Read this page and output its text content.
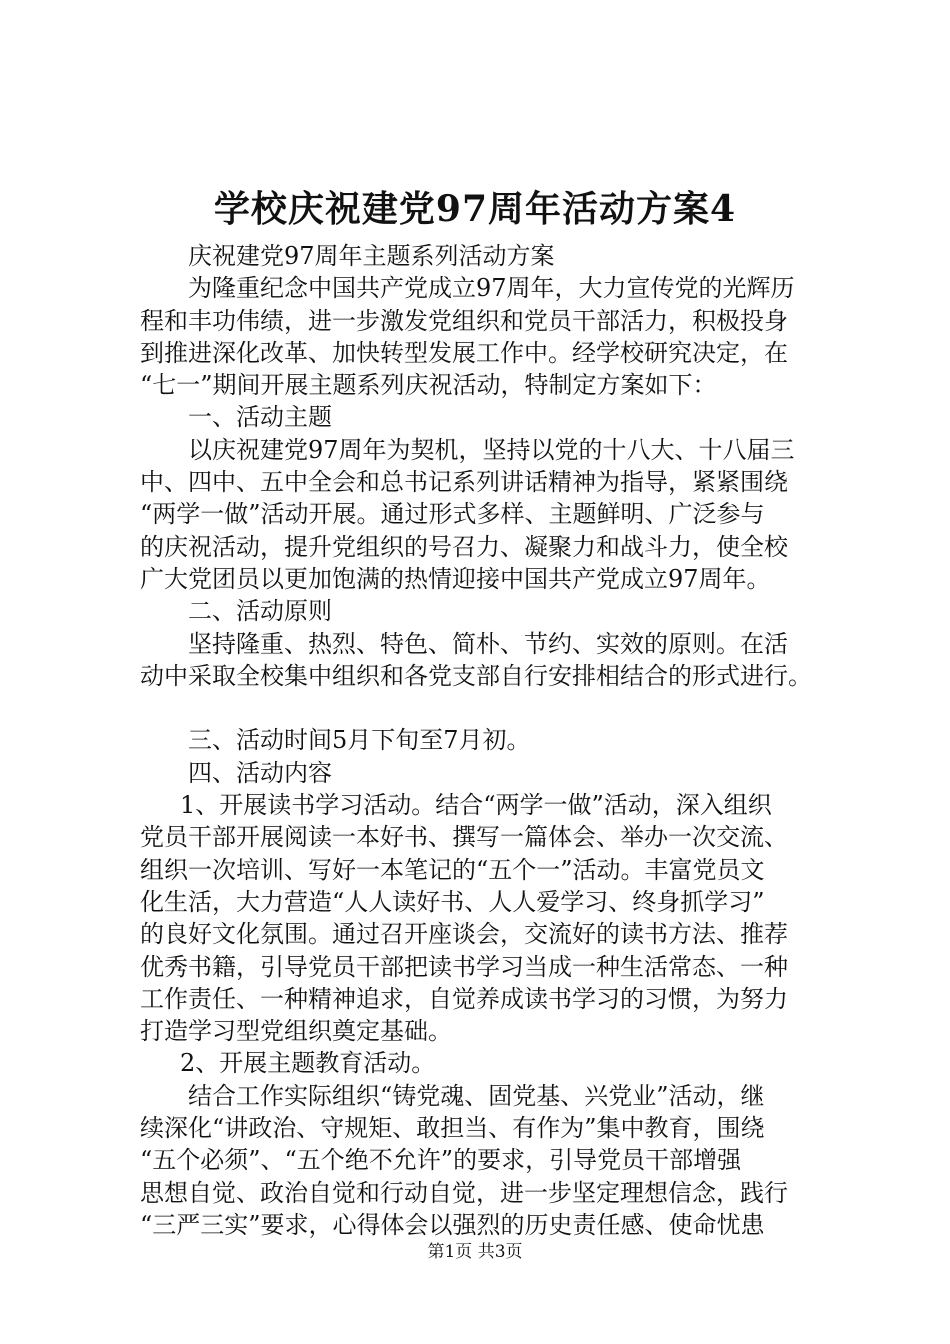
学校庆祝建党97周年活动方案4
庆祝建党97周年主题系列活动方案
为隆重纪念中国共产党成立97周年，大力宣传党的光辉历
程和丰功伟绩，进一步激发党组织和党员干部活力，积极投身
到推进深化改革、加快转型发展工作中。经学校研究决定，在
“七一”期间开展主题系列庆祝活动，特制定方案如下：
一、活动主题
以庆祝建党97周年为契机，坚持以党的十八大、十八届三
中、四中、五中全会和总书记系列讲话精神为指导，紧紧围绕
“两学一做”活动开展。通过形式多样、主题鲜明、广泛参与
的庆祝活动，提升党组织的号召力、凝聚力和战斗力，使全校
广大党团员以更加饱满的热情迎接中国共产党成立97周年。
二、活动原则
坚持隆重、热烈、特色、简朴、节约、实效的原则。在活
动中采取全校集中组织和各党支部自行安排相结合的形式进行。
三、活动时间5月下旬至7月初。
四、活动内容
1、开展读书学习活动。结合“两学一做”活动，深入组织
党员干部开展阅读一本好书、撰写一篇体会、举办一次交流、
组织一次培训、写好一本笔记的“五个一”活动。丰富党员文
化生活，大力营造“人人读好书、人人爱学习、终身抓学习”
的良好文化氛围。通过召开座谈会，交流好的读书方法、推荐
优秀书籍，引导党员干部把读书学习当成一种生活常态、一种
工作责任、一种精神追求，自觉养成读书学习的习惯，为努力
打造学习型党组织奠定基础。
2、开展主题教育活动。
结合工作实际组织“铸党魂、固党基、兴党业”活动，继
续深化“讲政治、守规矩、敢担当、有作为”集中教育，围绕
“五个必须”、“五个绝不允许”的要求，引导党员干部增强
思想自觉、政治自觉和行动自觉，进一步坚定理想信念，践行
“三严三实”要求，心得体会以强烈的历史责任感、使命忧患
第1页 共3页
